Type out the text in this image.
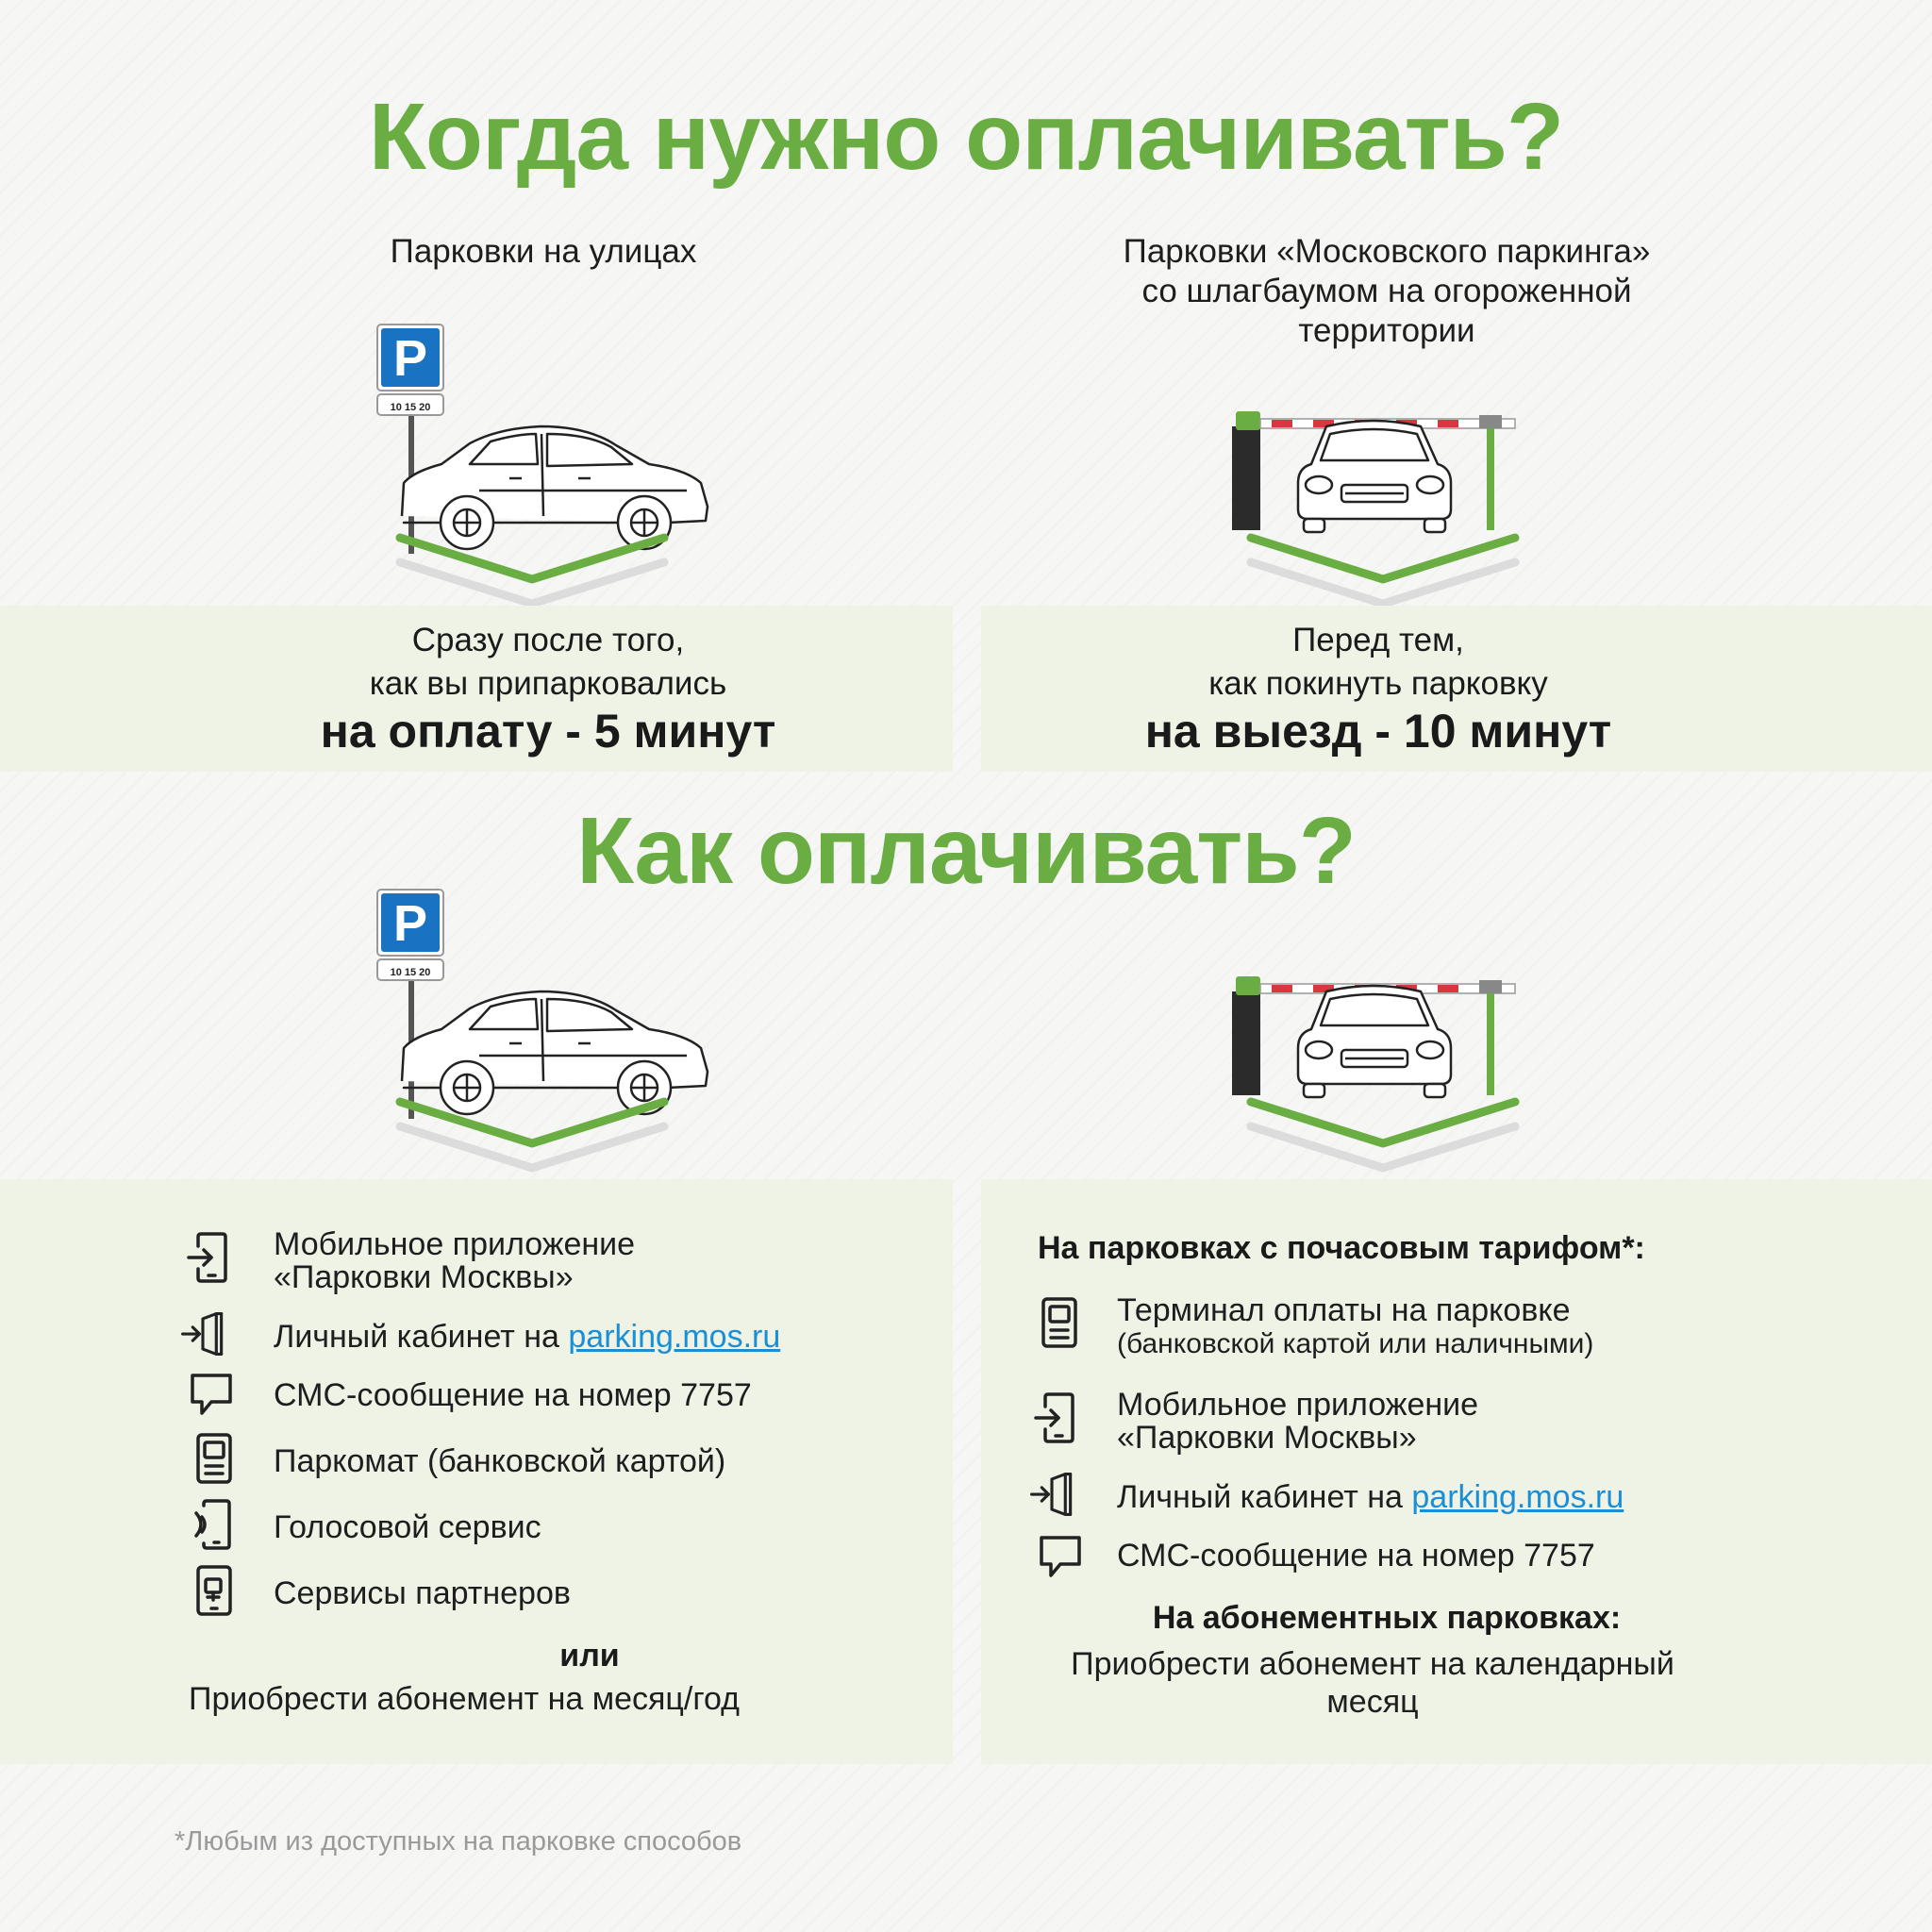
P
Когда нужно оплачивать?
Парковки на улицах	Парковки «Московского паркинга»
со шлагбаумом на огороженной
территории
10 15 20
Сразу после того,
как вы припарковались
на оплату - 5 минут
Перед тем,
как покинуть парковку
на выезд - 10 минут
Как оплачивать?
10 15 20
Мобильное приложение
«Парковки Москвы»
Личный кабинет на parking.mos.ru
СМС-сообщение на номер 7757
Паркомат (банковской картой)
Голосовой сервис
Сервисы партнеров
или
Приобрести абонемент на месяц/год
На парковках с почасовым тарифом*:
Терминал оплаты на парковке
(банковской картой или наличными)
Мобильное приложение
«Парковки Москвы»
Личный кабинет на parking.mos.ru
СМС-сообщение на номер 7757
На абонементных парковках:
Приобрести абонемент на календарный
месяц
*Любым из доступных на парковке способов
